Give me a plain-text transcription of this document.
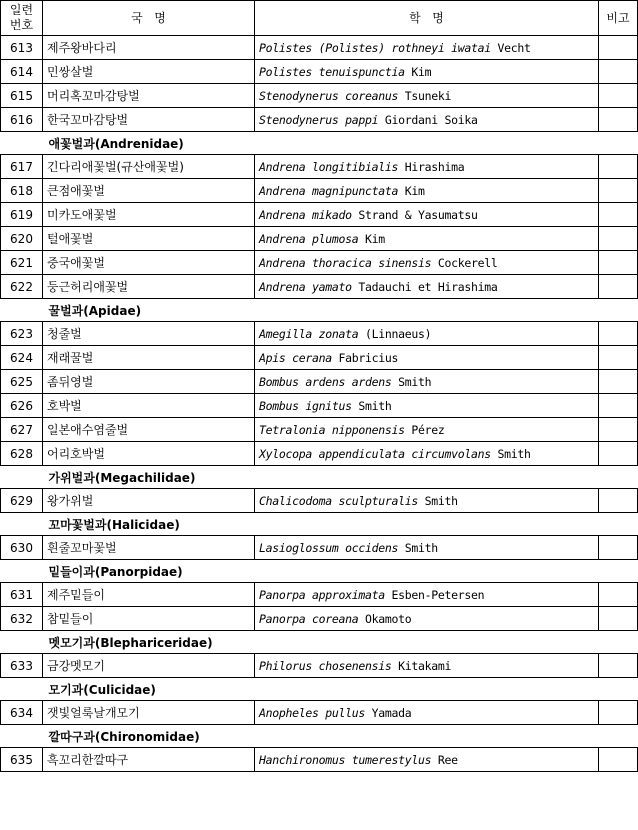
일련
번호	국   명	학   명	비고
613	제주왕바다리	Polistes (Polistes) rothneyi iwatai Vecht	
614	민쌍살벌	Polistes tenuispunctia Kim	
615	머리혹꼬마감탕벌	Stenodynerus coreanus Tsuneki	
616	한국꼬마감탕벌	Stenodynerus pappi Giordani Soika	
	애꽃벌과(Andrenidae)		
617	긴다리애꽃벌(규산애꽃벌)	Andrena longitibialis Hirashima	
618	큰점애꽃벌	Andrena magnipunctata Kim	
619	미카도애꽃벌	Andrena mikado Strand & Yasumatsu	
620	털애꽃벌	Andrena plumosa Kim	
621	중국애꽃벌	Andrena thoracica sinensis Cockerell	
622	둥근허리애꽃벌	Andrena yamato Tadauchi et Hirashima	
	꿀벌과(Apidae)		
623	청줄벌	Amegilla zonata (Linnaeus)	
624	재래꿀벌	Apis cerana Fabricius	
625	좀뒤영벌	Bombus ardens ardens Smith	
626	호박벌	Bombus ignitus Smith	
627	일본애수염줄벌	Tetralonia nipponensis Pérez	
628	어리호박벌	Xylocopa appendiculata circumvolans Smith	
	가위벌과(Megachilidae)		
629	왕가위벌	Chalicodoma sculpturalis Smith	
	꼬마꽃벌과(Halicidae)		
630	흰줄꼬마꽃벌	Lasioglossum occidens Smith	
	밑들이과(Panorpidae)		
631	제주밑들이	Panorpa approximata Esben-Petersen	
632	참밑들이	Panorpa coreana Okamoto	
	멧모기과(Blephariceridae)		
633	금강멧모기	Philorus chosenensis Kitakami	
	모기과(Culicidae)		
634	잿빛얼룩날개모기	Anopheles pullus Yamada	
	깔따구과(Chironomidae)		
635	흑꼬리한깔따구	Hanchironomus tumerestylus Ree	
